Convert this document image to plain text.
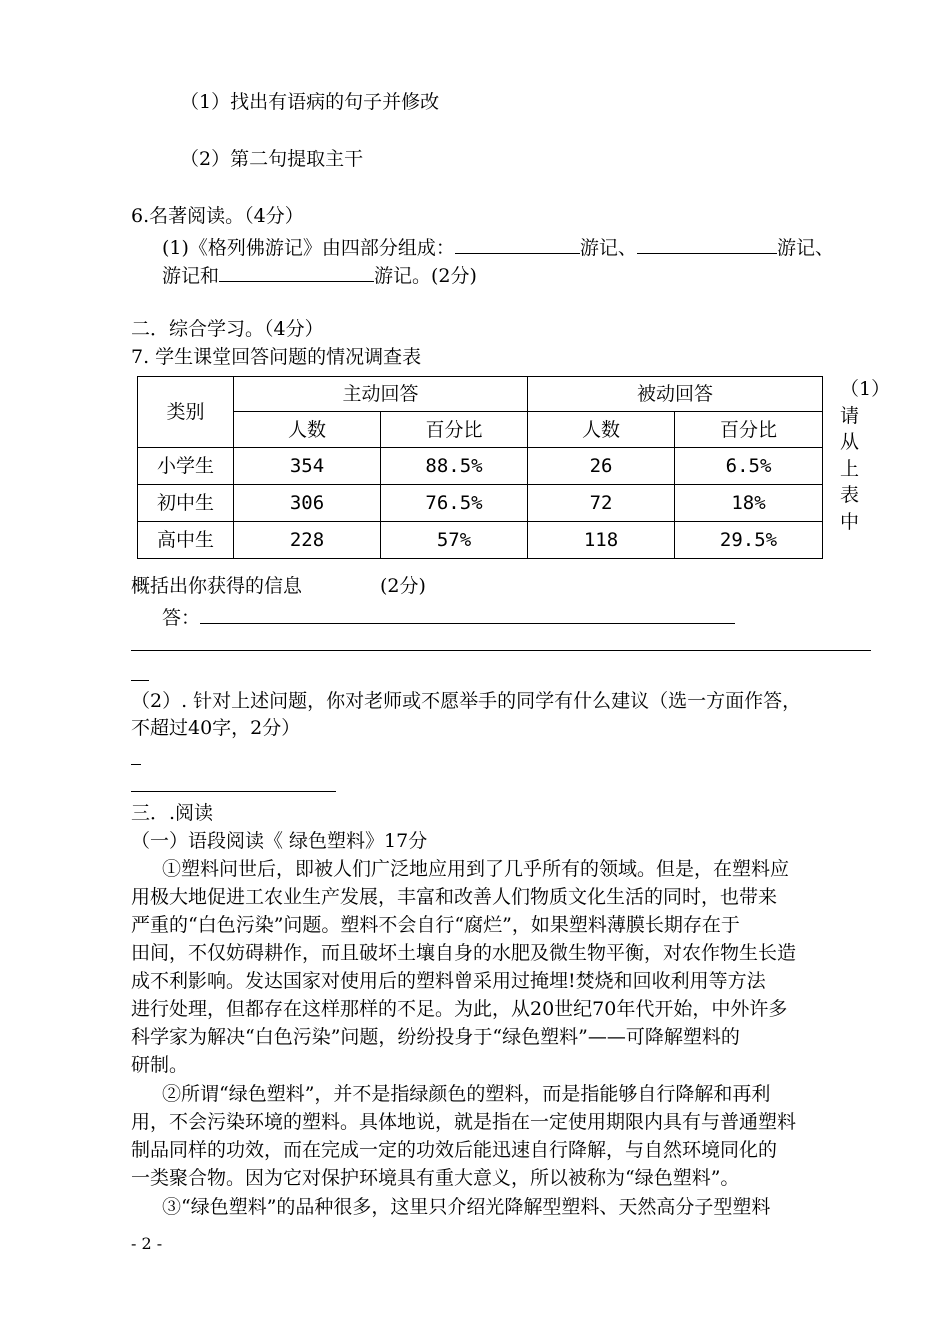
（1）找出有语病的句子并修改
（2）第二句提取主干
6.名著阅读。（4分）
(1)《格列佛游记》由四部分组成：	游记、	游记、
游记和	游记。(2分)
二．综合学习。（4分）
7. 学生课堂回答问题的情况调查表
类别	主动回答		被动回答	
	人数	百分比	人数	百分比
小学生	354	88.5%	26	6.5%
初中生	306	76.5%	72	18%
高中生	228	57%	118	29.5%
（1）请从上表中
概括出你获得的信息	(2分)
答：
（2）. 针对上述问题，你对老师或不愿举手的同学有什么建议（选一方面作答，
不超过40字，2分）
三．.阅读
（一）语段阅读《 绿色塑料》17分
①塑料问世后，即被人们广泛地应用到了几乎所有的领域。但是，在塑料应
用极大地促进工农业生产发展，丰富和改善人们物质文化生活的同时，也带来
严重的“白色污染”问题。塑料不会自行“腐烂”，如果塑料薄膜长期存在于
田间，不仅妨碍耕作，而且破坏土壤自身的水肥及微生物平衡，对农作物生长造
成不利影响。发达国家对使用后的塑料曾采用过掩埋!焚烧和回收利用等方法
进行处理，但都存在这样那样的不足。为此，从20世纪70年代开始，中外许多
科学家为解决“白色污染”问题，纷纷投身于“绿色塑料”——可降解塑料的
研制。
②所谓“绿色塑料”，并不是指绿颜色的塑料，而是指能够自行降解和再利
用，不会污染环境的塑料。具体地说，就是指在一定使用期限内具有与普通塑料
制品同样的功效，而在完成一定的功效后能迅速自行降解，与自然环境同化的
一类聚合物。因为它对保护环境具有重大意义，所以被称为“绿色塑料”。
③“绿色塑料”的品种很多，这里只介绍光降解型塑料、天然高分子型塑料
- 2 -
